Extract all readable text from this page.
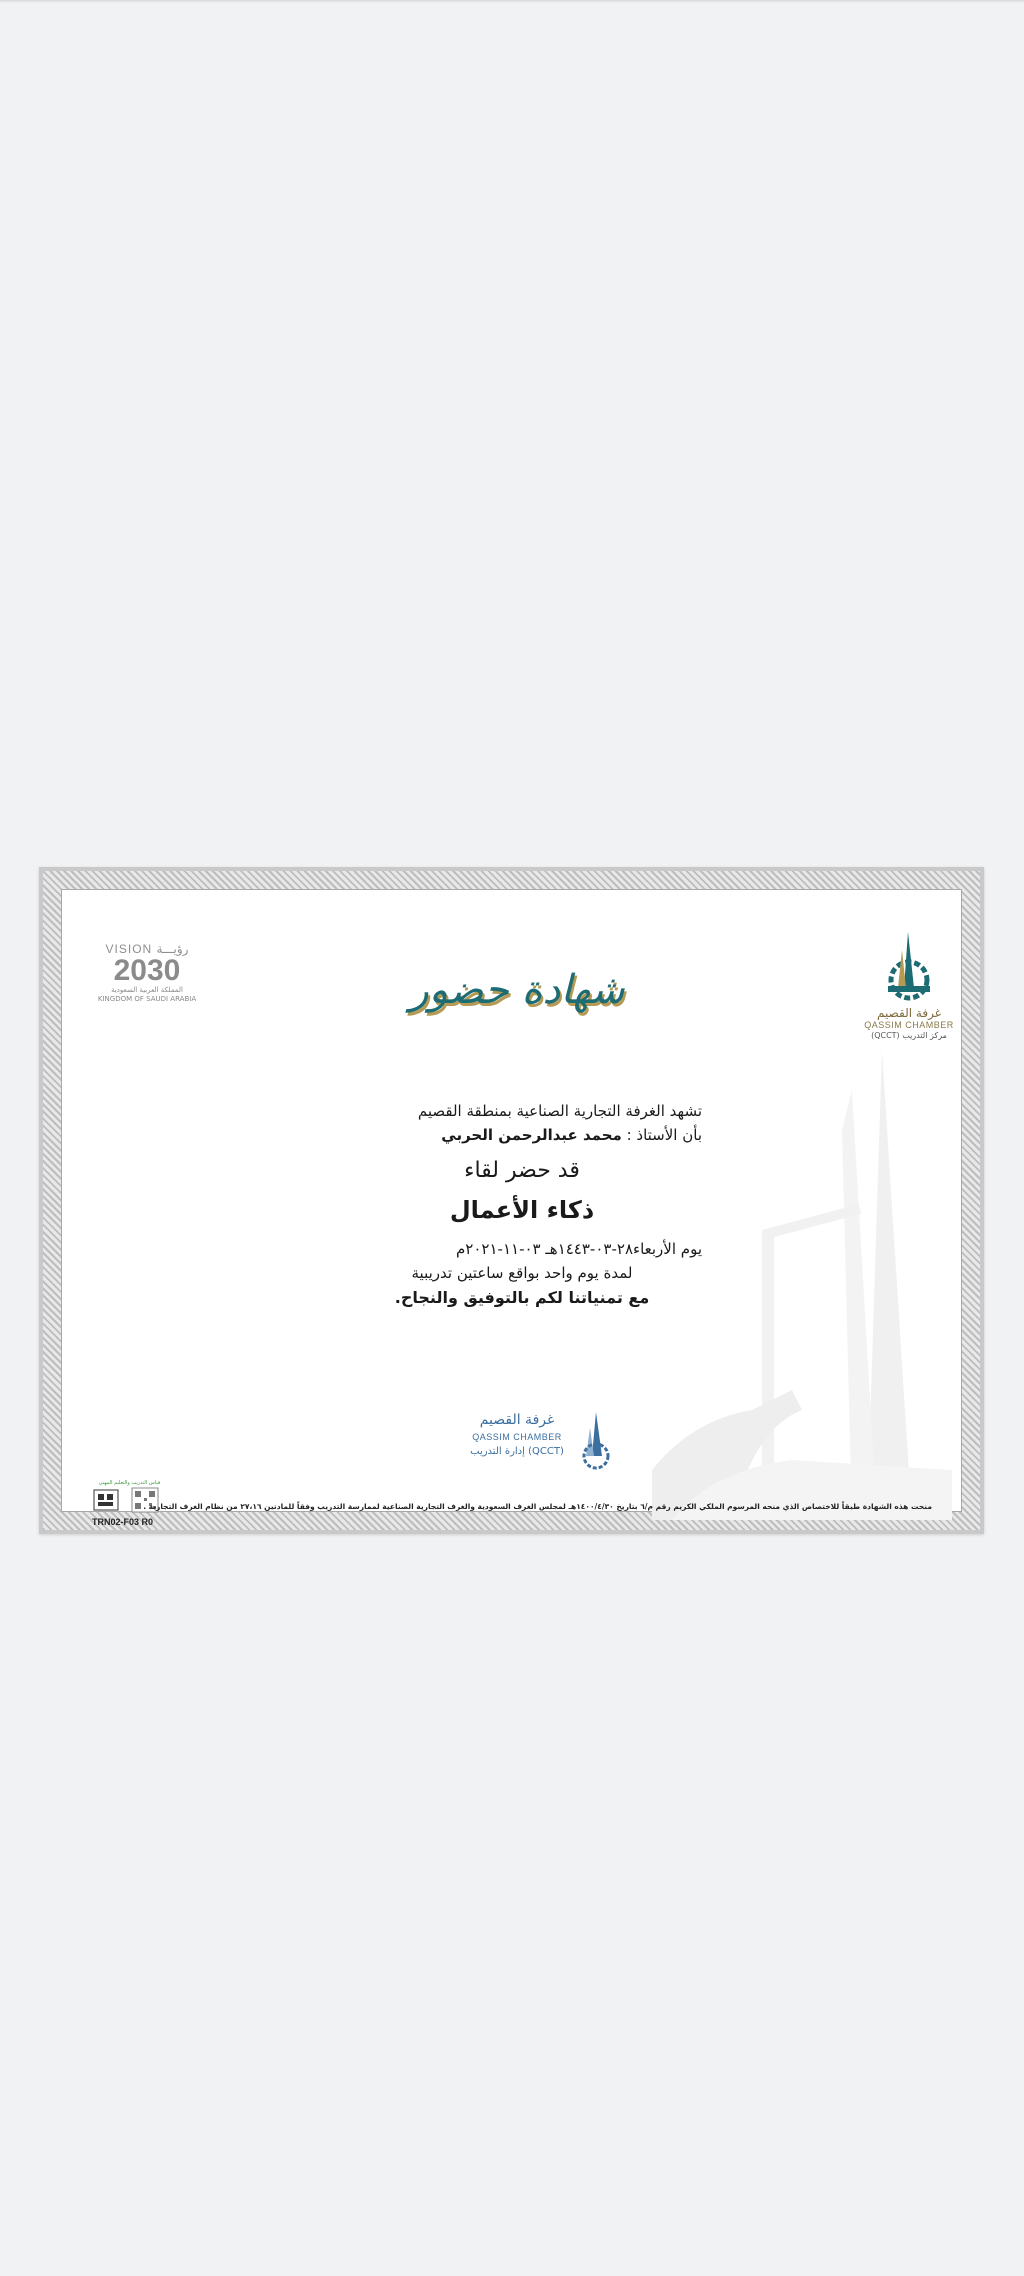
غرفة القصيم
QASSIM CHAMBER
(QCCT) مركز التدريب
VISION رؤيـــة
2030
المملكة العربية السعودية
KINGDOM OF SAUDI ARABIA	شهادة حضور
تشهد الغرفة التجارية الصناعية بمنطقة القصيم
بأن الأستاذ : محمد عبدالرحمن الحربي
قد حضر لقاء
ذكاء الأعمال
يوم الأربعاء٢٨-٠٣-١٤٤٣هـ ٠٣-١١-٢٠٢١م
لمدة يوم واحد بواقع ساعتين تدريبية
مع تمنياتنا لكم بالتوفيق والنجاح.
غرفة القصيم
QASSIM CHAMBER
(QCCT) إدارة التدريب
قياس التدريب والتعليم المهني
TRN02-F03 R0
منحت هذه الشهادة طبقاً للاختصاص الذي منحه المرسوم الملكي الكريم رقم م/٦ بتاريخ ١٤٠٠/٤/٣٠هـ لمجلس الغرف السعودية والغرف التجارية الصناعية لممارسة التدريب وفقاً للمادتين ٢٧،١٦ من نظام الغرف التجارية .
